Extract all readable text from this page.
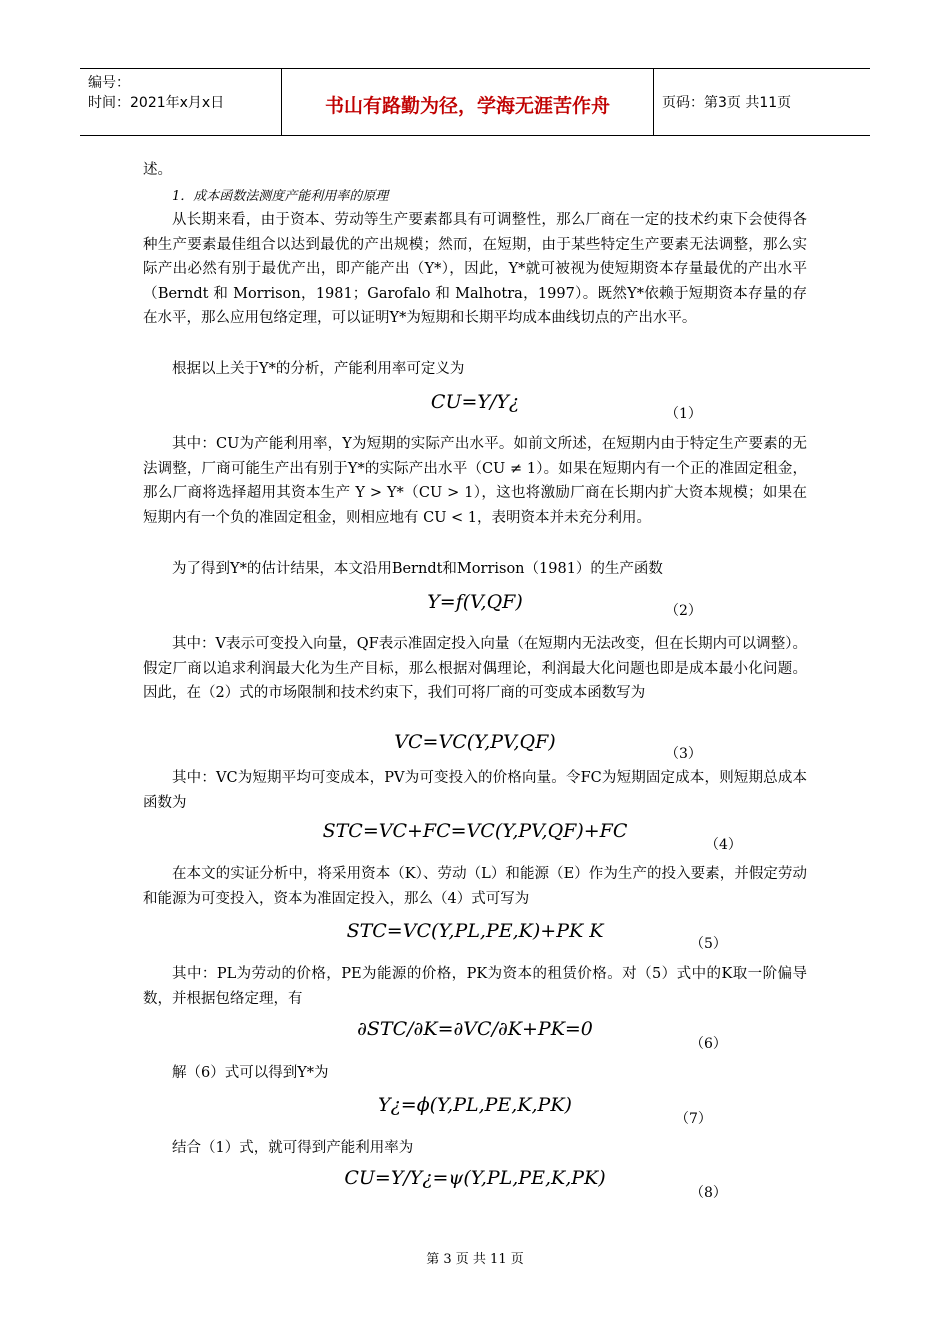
编号：
时间：2021年x月x日	书山有路勤为径，学海无涯苦作舟	页码：第3页 共11页
述。
1．成本函数法测度产能利用率的原理
从长期来看，由于资本、劳动等生产要素都具有可调整性，那么厂商在一定的技术约束下会使得各种生产要素最佳组合以达到最优的产出规模；然而，在短期，由于某些特定生产要素无法调整，那么实际产出必然有别于最优产出，即产能产出（Y*），因此，Y*就可被视为使短期资本存量最优的产出水平（Berndt 和 Morrison，1981；Garofalo 和 Malhotra，1997）。既然Y*依赖于短期资本存量的存在水平，那么应用包络定理，可以证明Y*为短期和长期平均成本曲线切点的产出水平。
根据以上关于Y*的分析，产能利用率可定义为
CU=Y/Y¿
（1）
其中：CU为产能利用率，Y为短期的实际产出水平。如前文所述，在短期内由于特定生产要素的无法调整，厂商可能生产出有别于Y*的实际产出水平（CU ≠ 1）。如果在短期内有一个正的准固定租金，那么厂商将选择超用其资本生产 Y > Y*（CU > 1），这也将激励厂商在长期内扩大资本规模；如果在短期内有一个负的准固定租金，则相应地有 CU < 1，表明资本并未充分利用。
为了得到Y*的估计结果，本文沿用Berndt和Morrison（1981）的生产函数
Y=f(V,QF)	（2）
其中：V表示可变投入向量，QF表示准固定投入向量（在短期内无法改变，但在长期内可以调整）。假定厂商以追求利润最大化为生产目标，那么根据对偶理论，利润最大化问题也即是成本最小化问题。因此，在（2）式的市场限制和技术约束下，我们可将厂商的可变成本函数写为
VC=VC(Y,PV,QF)
（3）
其中：VC为短期平均可变成本，PV为可变投入的价格向量。令FC为短期固定成本，则短期总成本函数为
STC=VC+FC=VC(Y,PV,QF)+FC
（4）
在本文的实证分析中，将采用资本（K）、劳动（L）和能源（E）作为生产的投入要素，并假定劳动和能源为可变投入，资本为准固定投入，那么（4）式可写为
STC=VC(Y,PL,PE,K)+PK K
（5）
其中：PL为劳动的价格，PE为能源的价格，PK为资本的租赁价格。对（5）式中的K取一阶偏导数，并根据包络定理，有
∂STC/∂K=∂VC/∂K+PK=0
（6）
解（6）式可以得到Y*为
Y¿=ϕ(Y,PL,PE,K,PK)
（7）
结合（1）式，就可得到产能利用率为
CU=Y/Y¿=ψ(Y,PL,PE,K,PK)
（8）
第 3 页 共 11 页
